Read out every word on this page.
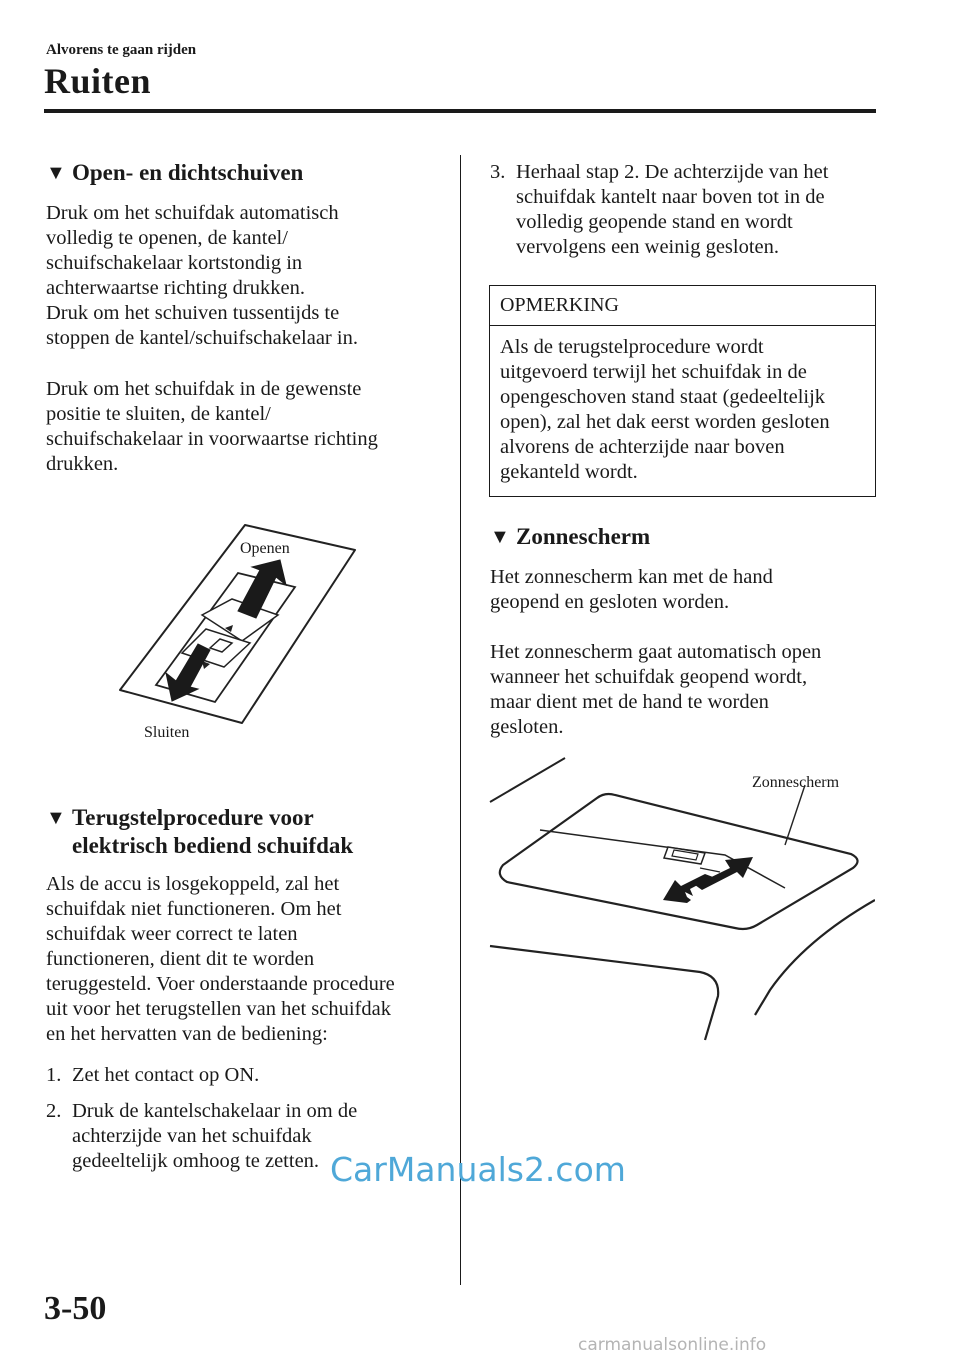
Alvorens te gaan rijden
Ruiten
▼ Open- en dichtschuiven
Druk om het schuifdak automatisch
volledig te openen, de kantel/
schuifschakelaar kortstondig in
achterwaartse richting drukken.
Druk om het schuiven tussentijds te
stoppen de kantel/schuifschakelaar in.
Druk om het schuifdak in de gewenste
positie te sluiten, de kantel/
schuifschakelaar in voorwaartse richting
drukken.
Openen
Sluiten
▼ Terugstelprocedure voor
elektrisch bediend schuifdak
Als de accu is losgekoppeld, zal het
schuifdak niet functioneren. Om het
schuifdak weer correct te laten
functioneren, dient dit te worden
teruggesteld. Voer onderstaande procedure
uit voor het terugstellen van het schuifdak
en het hervatten van de bediening:
1. Zet het contact op ON.
2. Druk de kantelschakelaar in om de
achterzijde van het schuifdak
gedeeltelijk omhoog te zetten.
3. Herhaal stap 2. De achterzijde van het
schuifdak kantelt naar boven tot in de
volledig geopende stand en wordt
vervolgens een weinig gesloten.
OPMERKING
Als de terugstelprocedure wordt
uitgevoerd terwijl het schuifdak in de
opengeschoven stand staat (gedeeltelijk
open), zal het dak eerst worden gesloten
alvorens de achterzijde naar boven
gekanteld wordt.
▼ Zonnescherm
Het zonnescherm kan met de hand
geopend en gesloten worden.
Het zonnescherm gaat automatisch open
wanneer het schuifdak geopend wordt,
maar dient met de hand te worden
gesloten.
Zonnescherm
3-50
CarManuals2.com
carmanualsonline.info
